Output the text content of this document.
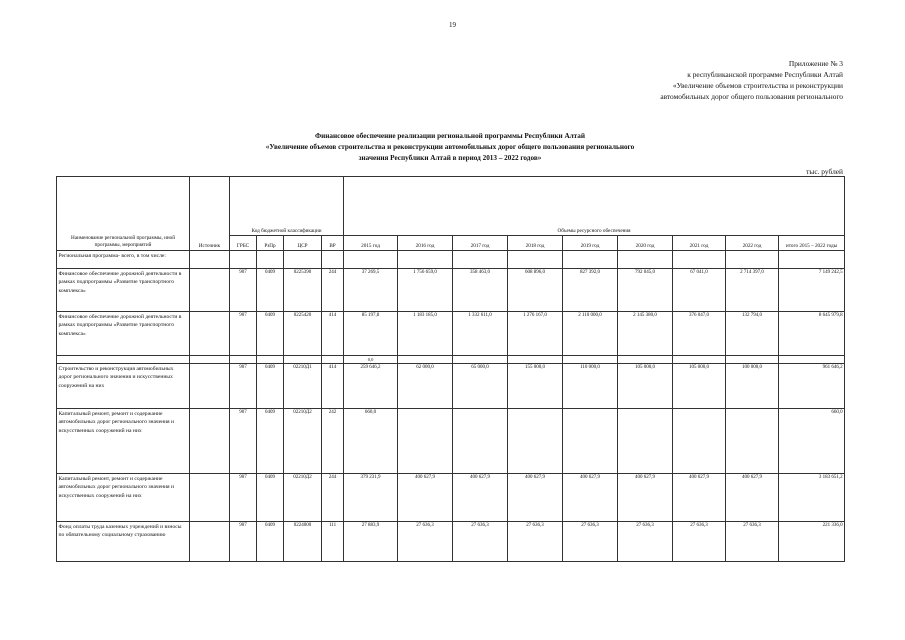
19
Приложение № 3
к республиканской программе Республики Алтай
«Увеличение объемов строительства и реконструкции
автомобильных дорог общего пользования регионального
Финансовое обеспечение реализации региональной программы Республики Алтай
«Увеличение объемов строительства и реконструкции автомобильных дорог общего пользования регионального
значения Республики Алтай в период 2013 – 2022 годов»
тыс. рублей
Наименование региональной программы, иной программы, мероприятий	Источник	Код бюджетной классификации				Объемы ресурсного обеспечения								
		ГРБС	РзПр	ЦСР	ВР	2015 год	2016 год	2017 год	2018 год	2019 год	2020 год	2021 год	2022 год	итого 2015 – 2022 годы
Региональная программа- всего, в том числе:														
Финансовое обеспечение дорожной деятельности в рамках подпрограммы «Развитие транспортного комплекса»		907	0409	0225390	244	37 269,5	1 756 659,0	358 463,0	608 896,0	827 392,0	792 045,0	67 041,0	2 714 397,0	7 149 242,5
Финансовое обеспечение дорожной деятельности в рамках подпрограммы «Развитие транспортного комплекса»		907	0409	0225420	414	85 197,8	1 183 185,0	1 332 611,0	1 276 167,0	2 110 000,0	2 145 380,0	376 047,0	132 794,0	8 645 979,8
						0,0								
Строительство и реконструкция автомобильных дорог регионального значения и искусственных сооружений на них		907	0409	02210Д1	414	259 646,2	62 000,0	65 000,0	155 000,0	110 000,0	105 000,0	105 000,0	100 000,0	961 646,2
Капитальный ремонт, ремонт и содержание автомобильных дорог регионального значения и искусственных сооружений на них		907	0409	02210Д2	242	660,0								660,0
Капитальный ремонт, ремонт и содержание автомобильных дорог регионального значения и искусственных сооружений на них		907	0409	02210Д2	244	379 231,9	400 627,9	400 627,9	400 627,9	400 627,9	400 627,9	400 627,9	400 627,9	3 183 651,2
Фонд оплаты труда казенных учреждений и взносы по обязательному социальному страхованию		907	0409	0224000	111	27 883,9	27 636,3	27 636,3	27 636,3	27 636,3	27 636,3	27 636,3	27 636,3	221 336,0
